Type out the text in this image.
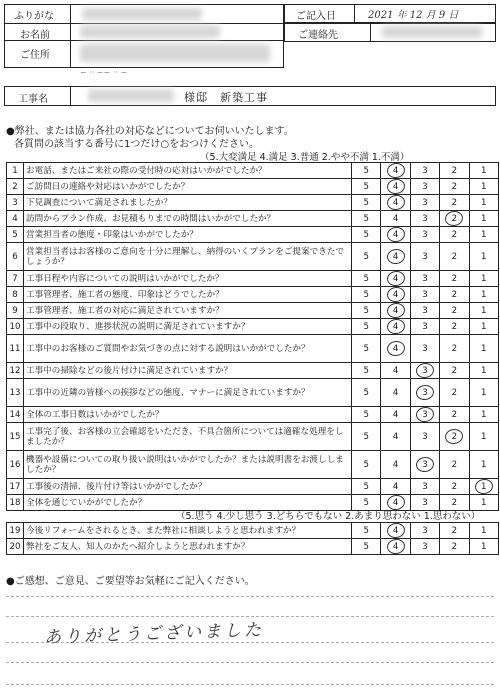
ふりがな
お名前
ご住所
ご記入日	2021 年 12 月 9 日
ご連絡先
~ ·· ~~ ·· ~
工事名	様邸　新築工事
●弊社、または協力各社の対応などについてお伺いいたします。
各質問の該当する番号に1つだけ○をおつけください。
（5.大変満足 4.満足 3.普通 2.やや不満 1.不満）
1	お電話、またはご来社の際の受付時の応対はいかがでしたか？	5	4	3	2	1
2	ご訪問日の連絡や対応はいかがでしたか？	5	4	3	2	1
3	下見調査について満足されましたか？	5	4	3	2	1
4	訪問からプラン作成、お見積もりまでの時間はいかがでしたか？	5	4	3	2	1
5	営業担当者の態度・印象はいかがでしたか？	5	4	3	2	1
6	営業担当者はお客様のご意向を十分に理解し、納得のいくプランをご提案できたでしょうか？	5	4	3	2	1
7	工事日程や内容についての説明はいかがでしたか？	5	4	3	2	1
8	工事管理者、施工者の態度、印象はどうでしたか？	5	4	3	2	1
9	工事管理者、施工者の対応に満足されていますか？	5	4	3	2	1
10	工事中の段取り、進捗状況の説明に満足されていますか？	5	4	3	2	1
11	工事中のお客様のご質問やお気づきの点に対する説明はいかがでしたか？	5	4	3	2	1
12	工事中の掃除などの後片付けに満足されていますか？	5	4	3	2	1
13	工事中の近隣の皆様への挨拶などの態度、マナーに満足されていますか？	5	4	3	2	1
14	全体の工事日数はいかがでしたか？	5	4	3	2	1
15	工事完了後、お客様の立会確認をいただき、不具合箇所については適確な処理をしましたか？	5	4	3	2	1
16	機器や設備についての取り扱い説明はいかがでしたか？または説明書をお渡ししましたか？	5	4	3	2	1
17	工事後の清掃、後片付け等はいかがでしたか？	5	4	3	2	1

18	全体を通じていかがでしたか？	5	4	3	2	1
（5.思う 4.少し思う 3.どちらでもない 2.あまり思わない 1.思わない）
19	今後リフォームをされるとき、また弊社に相談しようと思われますか？	5	4	3	2	1
20	弊社をご友人、知人のかたへ紹介しようと思われますか？	5	4	3	2	1
●ご感想、ご意見、ご要望等お気軽にご記入ください。
ありがとうございました
